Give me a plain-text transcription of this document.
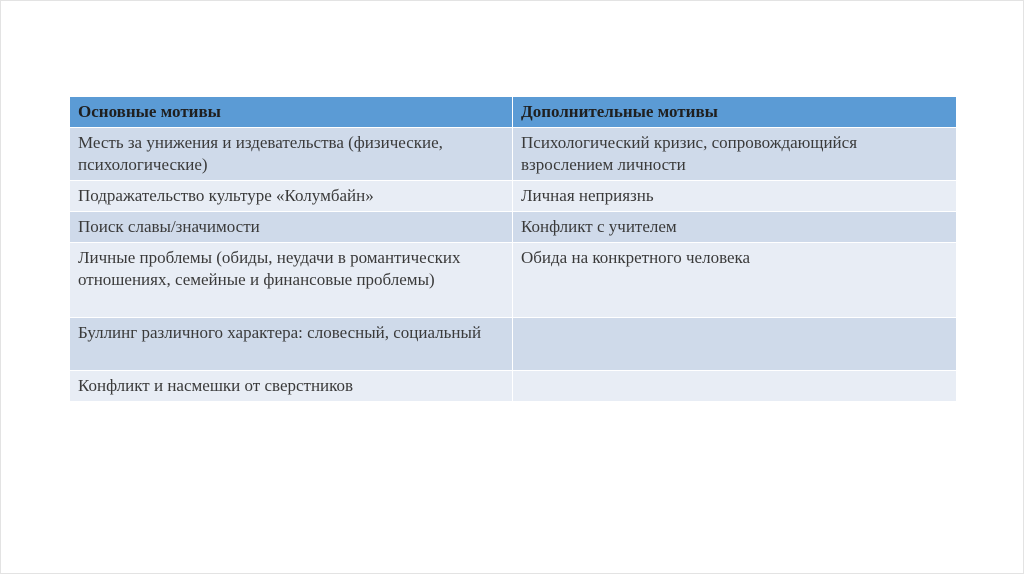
Основные мотивы	Дополнительные мотивы
Месть за унижения и издевательства (физические, психологические)	Психологический кризис, сопровождающийся взрослением личности
Подражательство культуре «Колумбайн»	Личная неприязнь
Поиск славы/значимости	Конфликт с учителем
Личные проблемы (обиды, неудачи в романтических отношениях, семейные и финансовые проблемы)	Обида на конкретного человека
Буллинг различного характера: словесный, социальный	
Конфликт и насмешки от сверстников	
